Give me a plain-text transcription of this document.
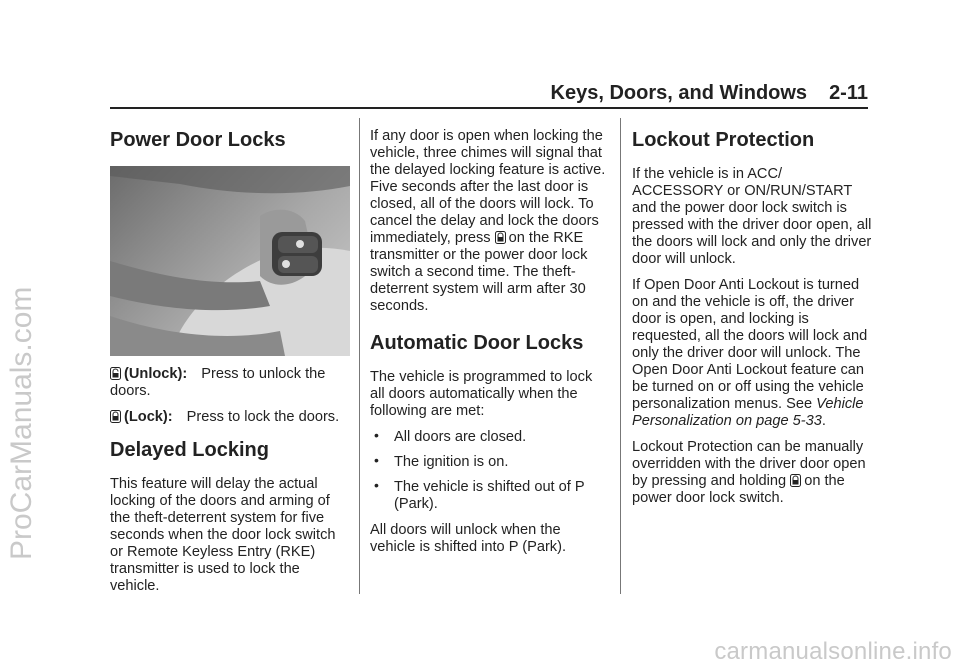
ProCarManuals.com
Keys, Doors, and Windows 2-11
Power Door Locks

(Unlock): Press to unlock the doors.

(Lock): Press to lock the doors.

Delayed Locking

This feature will delay the actual locking of the doors and arming of the theft-deterrent system for five seconds when the door lock switch or Remote Keyless Entry (RKE) transmitter is used to lock the vehicle.

If any door is open when locking the vehicle, three chimes will signal that the delayed locking feature is active. Five seconds after the last door is closed, all of the doors will lock. To cancel the delay and lock the doors immediately, press on the RKE transmitter or the power door lock switch a second time. The theft-deterrent system will arm after 30 seconds.

Automatic Door Locks

The vehicle is programmed to lock all doors automatically when the following are met:

• All doors are closed.
• The ignition is on.
• The vehicle is shifted out of P (Park).

All doors will unlock when the vehicle is shifted into P (Park).

Lockout Protection

If the vehicle is in ACC/ ACCESSORY or ON/RUN/START and the power door lock switch is pressed with the driver door open, all the doors will lock and only the driver door will unlock.

If Open Door Anti Lockout is turned on and the vehicle is off, the driver door is open, and locking is requested, all the doors will lock and only the driver door will unlock. The Open Door Anti Lockout feature can be turned on or off using the vehicle personalization menus. See Vehicle Personalization on page 5-33.

Lockout Protection can be manually overridden with the driver door open by pressing and holding on the power door lock switch.

carmanualsonline.info
